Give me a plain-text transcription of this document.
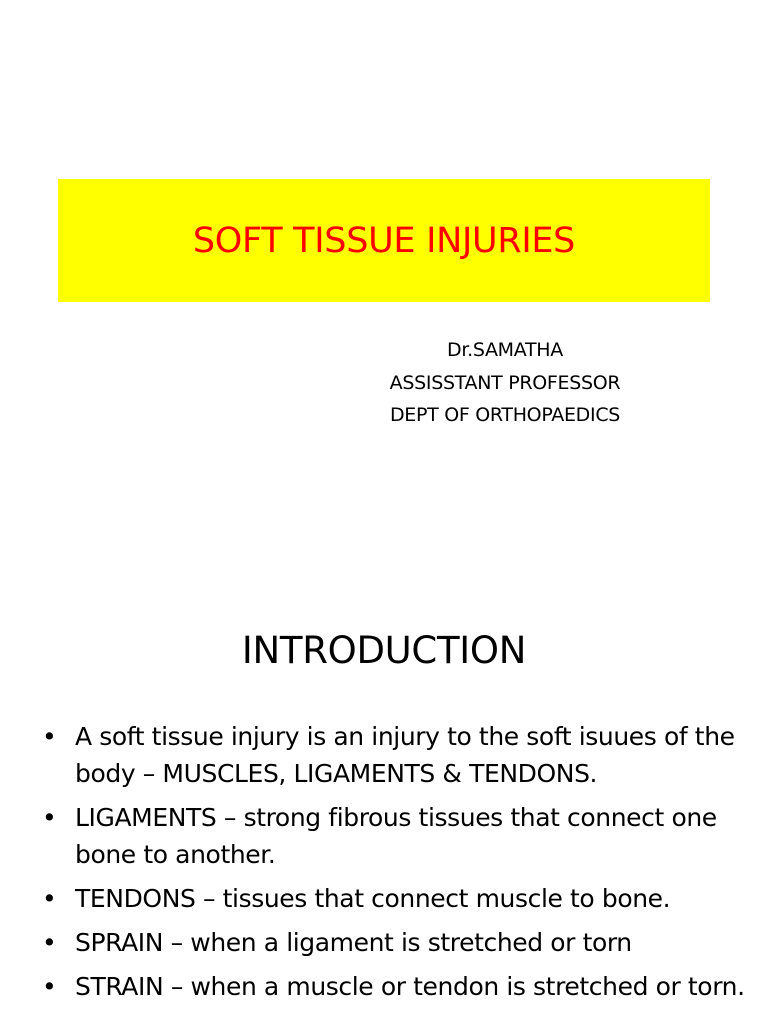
SOFT TISSUE INJURIES
Dr.SAMATHA
ASSISSTANT PROFESSOR
DEPT OF ORTHOPAEDICS
INTRODUCTION
• A soft tissue injury is an injury to the soft isuues of the body – MUSCLES, LIGAMENTS & TENDONS.
• LIGAMENTS – strong fibrous tissues that connect one bone to another.
• TENDONS – tissues that connect muscle to bone.
• SPRAIN – when a ligament is stretched or torn
• STRAIN – when a muscle or tendon is stretched or torn.
